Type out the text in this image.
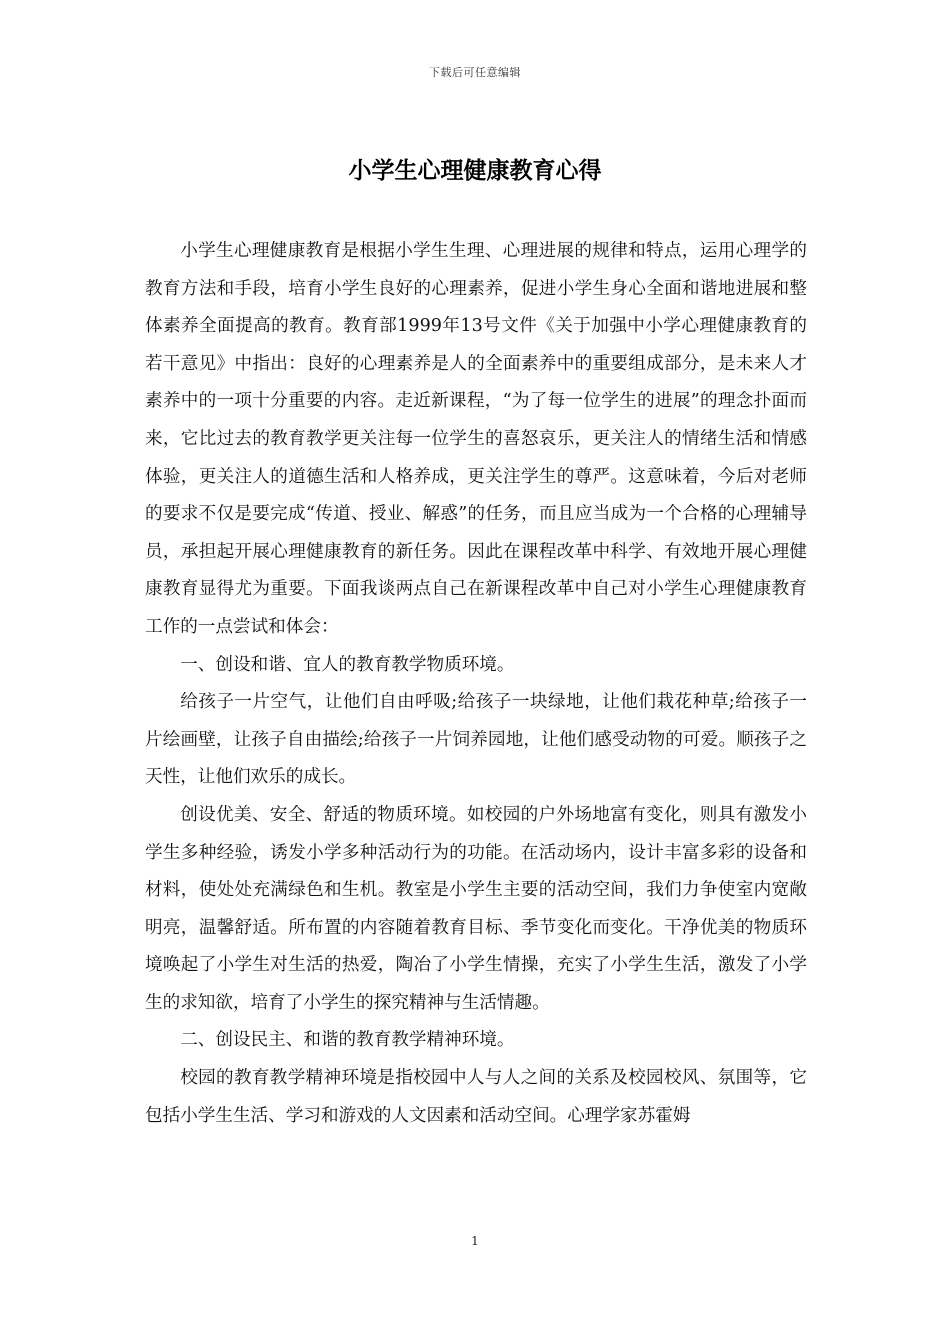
下载后可任意编辑
小学生心理健康教育心得

小学生心理健康教育是根据小学生生理、心理进展的规律和特点，运用心理学的教育方法和手段，培育小学生良好的心理素养，促进小学生身心全面和谐地进展和整体素养全面提高的教育。教育部1999年13号文件《关于加强中小学心理健康教育的若干意见》中指出：良好的心理素养是人的全面素养中的重要组成部分，是未来人才素养中的一项十分重要的内容。走近新课程，“为了每一位学生的进展”的理念扑面而来，它比过去的教育教学更关注每一位学生的喜怒哀乐，更关注人的情绪生活和情感体验，更关注人的道德生活和人格养成，更关注学生的尊严。这意味着，今后对老师的要求不仅是要完成“传道、授业、解惑”的任务，而且应当成为一个合格的心理辅导员，承担起开展心理健康教育的新任务。因此在课程改革中科学、有效地开展心理健康教育显得尤为重要。下面我谈两点自己在新课程改革中自己对小学生心理健康教育工作的一点尝试和体会：

一、创设和谐、宜人的教育教学物质环境。

给孩子一片空气，让他们自由呼吸;给孩子一块绿地，让他们栽花种草;给孩子一片绘画壁，让孩子自由描绘;给孩子一片饲养园地，让他们感受动物的可爱。顺孩子之天性，让他们欢乐的成长。

创设优美、安全、舒适的物质环境。如校园的户外场地富有变化，则具有激发小学生多种经验，诱发小学多种活动行为的功能。在活动场内，设计丰富多彩的设备和材料，使处处充满绿色和生机。教室是小学生主要的活动空间，我们力争使室内宽敞明亮，温馨舒适。所布置的内容随着教育目标、季节变化而变化。干净优美的物质环境唤起了小学生对生活的热爱，陶冶了小学生情操，充实了小学生生活，激发了小学生的求知欲，培育了小学生的探究精神与生活情趣。

二、创设民主、和谐的教育教学精神环境。

校园的教育教学精神环境是指校园中人与人之间的关系及校园校风、氛围等，它包括小学生生活、学习和游戏的人文因素和活动空间。心理学家苏霍姆

1
